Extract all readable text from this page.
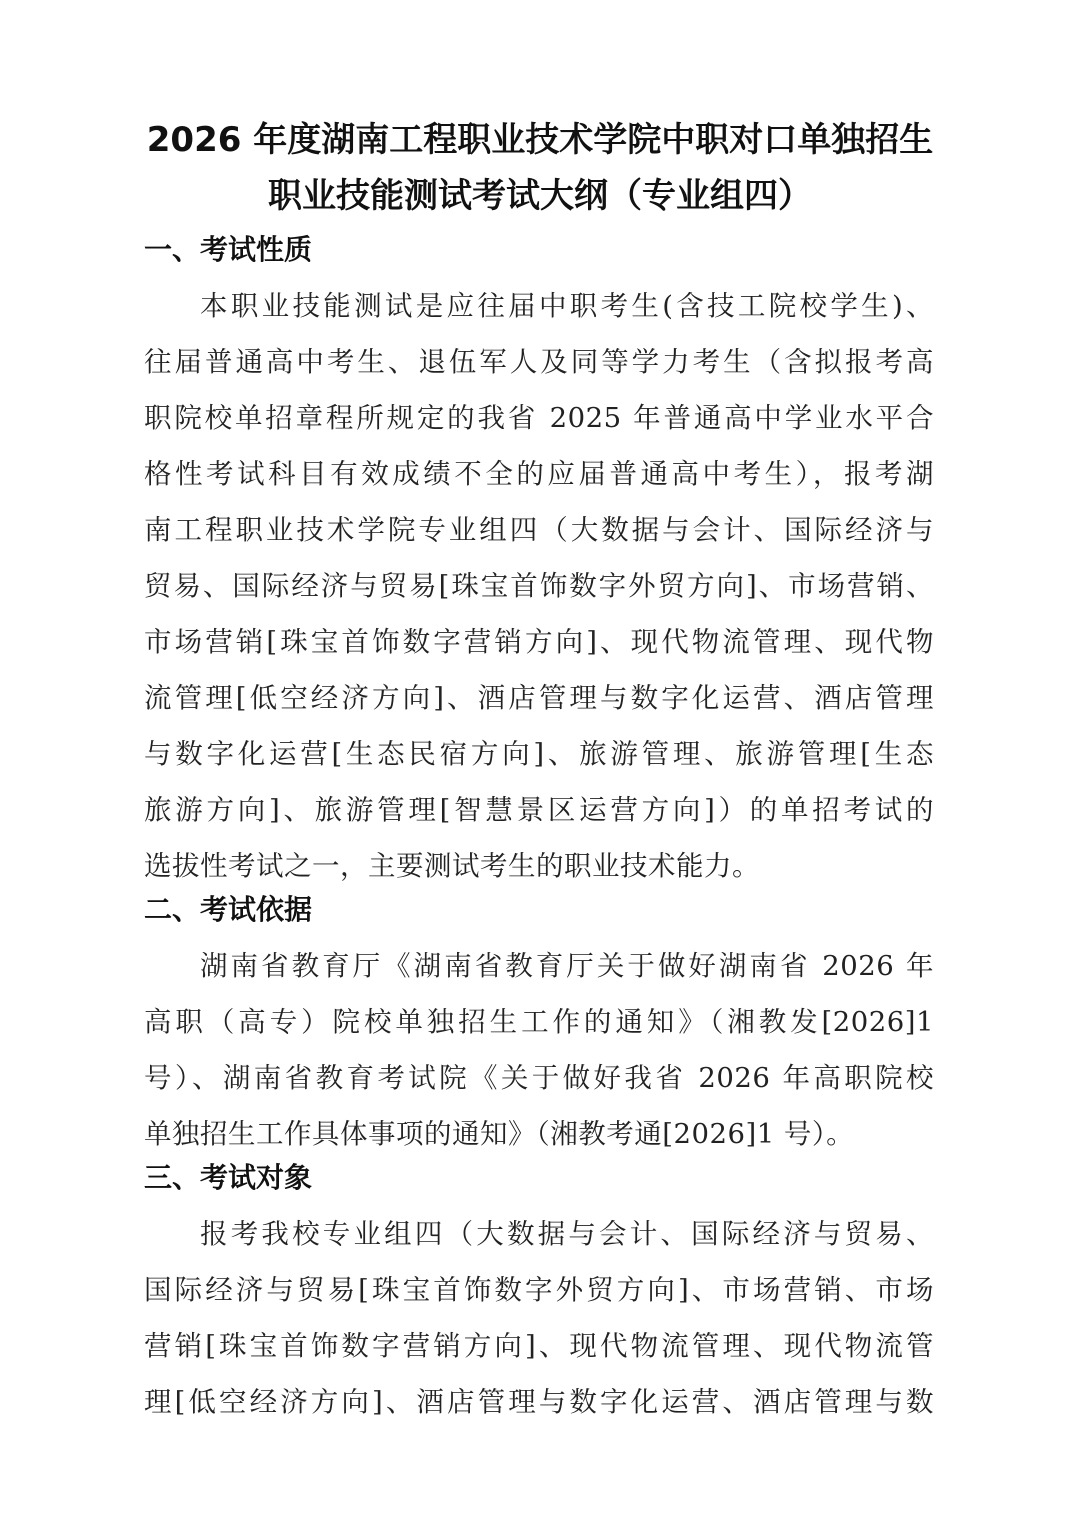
2026 年度湖南工程职业技术学院中职对口单独招生
职业技能测试考试大纲（专业组四）
一、考试性质
本职业技能测试是应往届中职考生(含技工院校学生)、
往届普通高中考生、退伍军人及同等学力考生（含拟报考高
职院校单招章程所规定的我省 2025 年普通高中学业水平合
格性考试科目有效成绩不全的应届普通高中考生），报考湖
南工程职业技术学院专业组四（大数据与会计、国际经济与
贸易、国际经济与贸易[珠宝首饰数字外贸方向]、市场营销、
市场营销[珠宝首饰数字营销方向]、现代物流管理、现代物
流管理[低空经济方向]、酒店管理与数字化运营、酒店管理
与数字化运营[生态民宿方向]、旅游管理、旅游管理[生态
旅游方向]、旅游管理[智慧景区运营方向]）的单招考试的
选拔性考试之一，主要测试考生的职业技术能力。
二、考试依据
湖南省教育厅《湖南省教育厅关于做好湖南省 2026 年
高职（高专）院校单独招生工作的通知》（湘教发[2026]1
号）、湖南省教育考试院《关于做好我省 2026 年高职院校
单独招生工作具体事项的通知》（湘教考通[2026]1 号）。
三、考试对象
报考我校专业组四（大数据与会计、国际经济与贸易、
国际经济与贸易[珠宝首饰数字外贸方向]、市场营销、市场
营销[珠宝首饰数字营销方向]、现代物流管理、现代物流管
理[低空经济方向]、酒店管理与数字化运营、酒店管理与数
